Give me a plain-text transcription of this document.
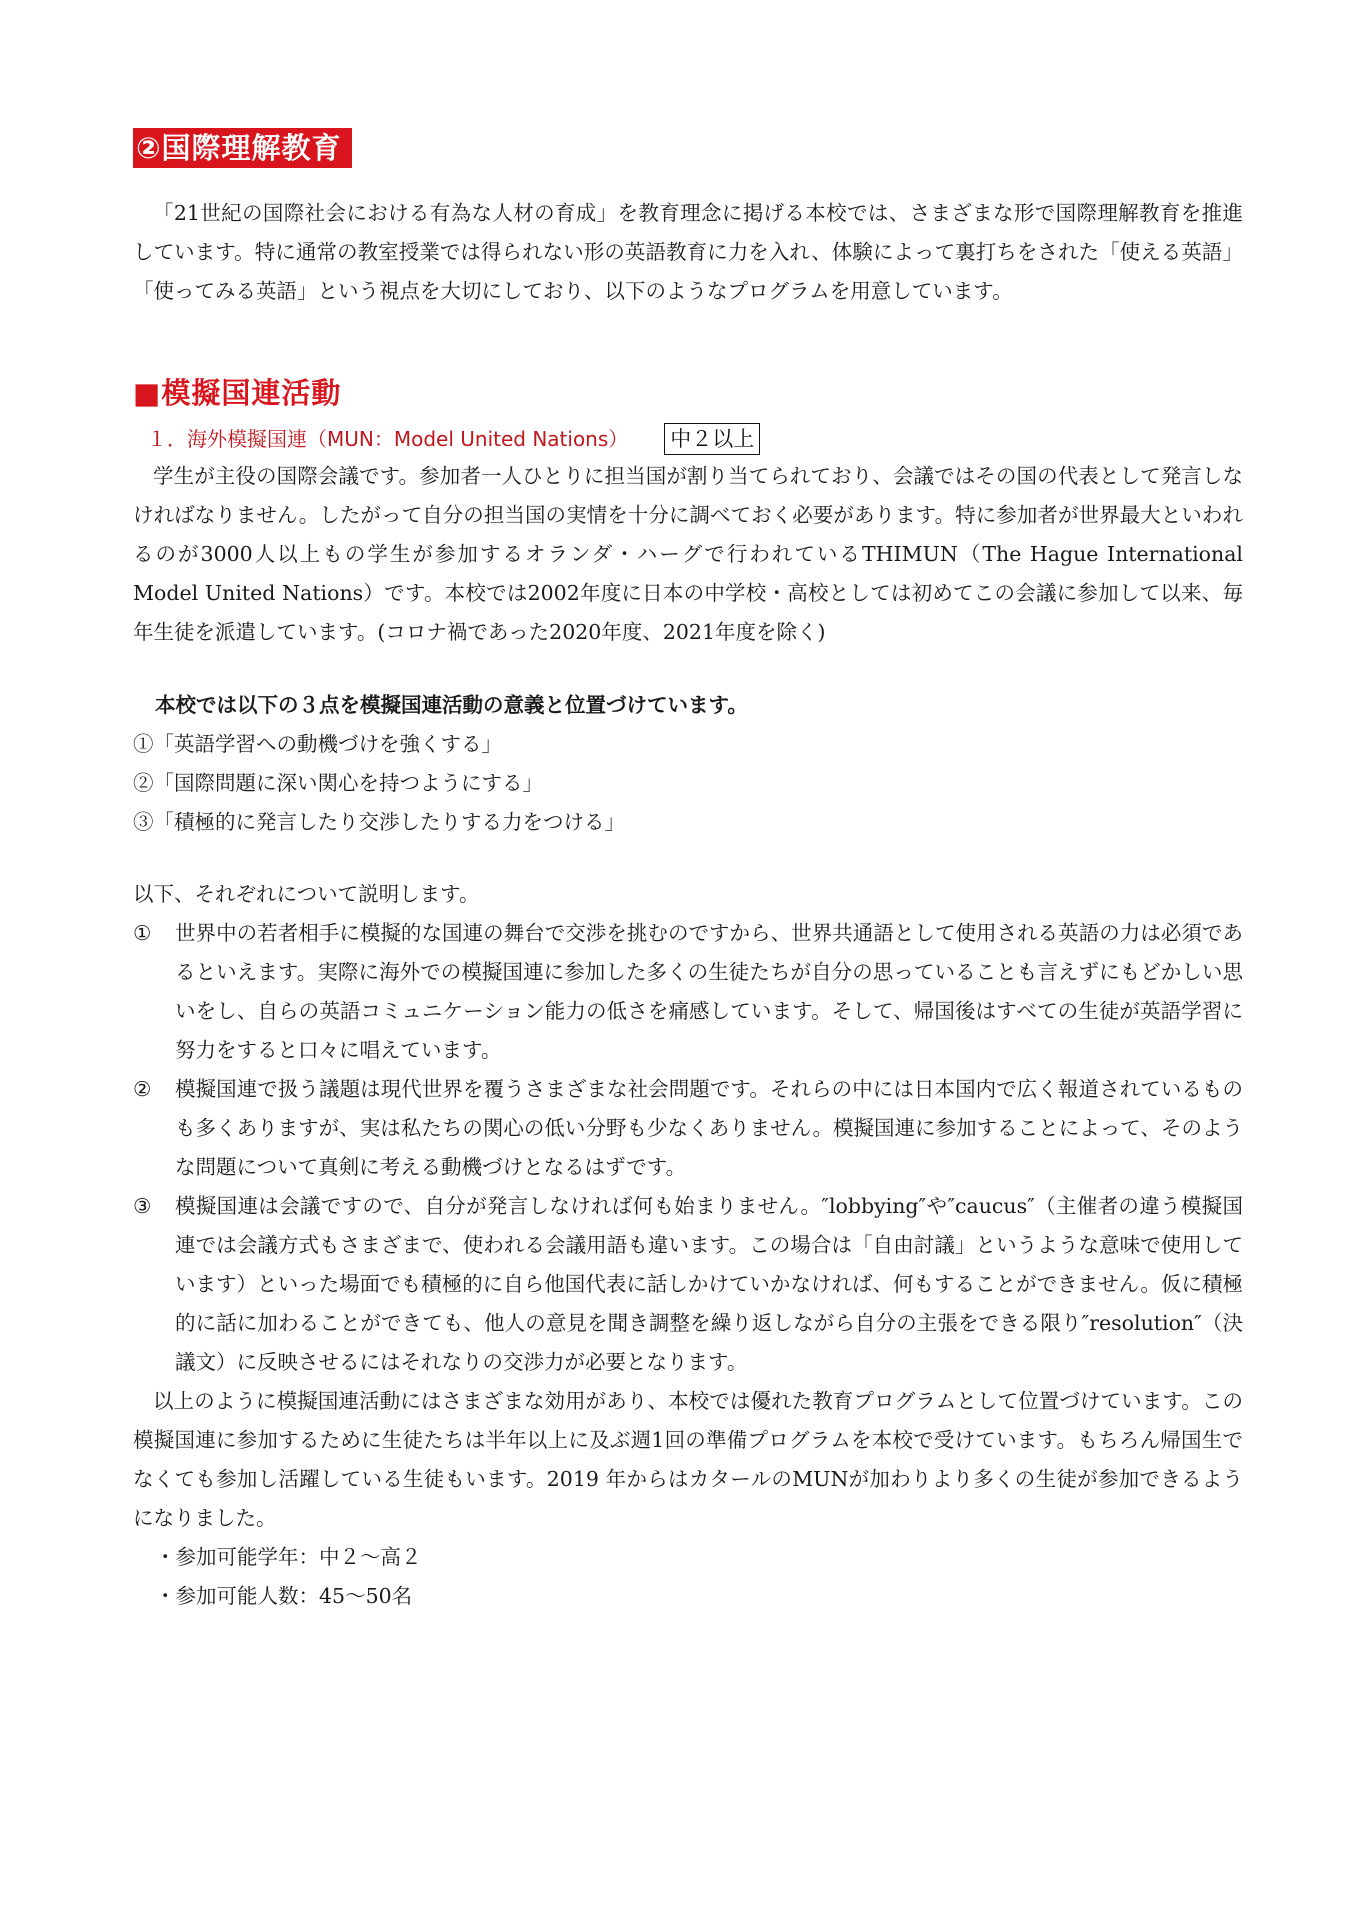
②国際理解教育

「21世紀の国際社会における有為な人材の育成」を教育理念に掲げる本校では、さまざまな形で国際理解教育を推進しています。特に通常の教室授業では得られない形の英語教育に力を入れ、体験によって裏打ちをされた「使える英語」「使ってみる英語」という視点を大切にしており、以下のようなプログラムを用意しています。

■模擬国連活動
１．海外模擬国連（MUN：Model United Nations） 中２以上

学生が主役の国際会議です。参加者一人ひとりに担当国が割り当てられており、会議ではその国の代表として発言しなければなりません。したがって自分の担当国の実情を十分に調べておく必要があります。特に参加者が世界最大といわれるのが3000人以上もの学生が参加するオランダ・ハーグで行われているTHIMUN（The Hague International Model United Nations）です。本校では2002年度に日本の中学校・高校としては初めてこの会議に参加して以来、毎年生徒を派遣しています。(コロナ禍であった2020年度、2021年度を除く)

本校では以下の３点を模擬国連活動の意義と位置づけています。

①「英語学習への動機づけを強くする」
②「国際問題に深い関心を持つようにする」
③「積極的に発言したり交渉したりする力をつける」
以下、それぞれについて説明します。
① 世界中の若者相手に模擬的な国連の舞台で交渉を挑むのですから、世界共通語として使用される英語の力は必須であるといえます。実際に海外での模擬国連に参加した多くの生徒たちが自分の思っていることも言えずにもどかしい思いをし、自らの英語コミュニケーション能力の低さを痛感しています。そして、帰国後はすべての生徒が英語学習に努力をすると口々に唱えています。
② 模擬国連で扱う議題は現代世界を覆うさまざまな社会問題です。それらの中には日本国内で広く報道されているものも多くありますが、実は私たちの関心の低い分野も少なくありません。模擬国連に参加することによって、そのような問題について真剣に考える動機づけとなるはずです。
③ 模擬国連は会議ですので、自分が発言しなければ何も始まりません。″lobbying″や″caucus″（主催者の違う模擬国連では会議方式もさまざまで、使われる会議用語も違います。この場合は「自由討議」というような意味で使用しています）といった場面でも積極的に自ら他国代表に話しかけていかなければ、何もすることができません。仮に積極的に話に加わることができても、他人の意見を聞き調整を繰り返しながら自分の主張をできる限り″resolution″（決議文）に反映させるにはそれなりの交渉力が必要となります。

以上のように模擬国連活動にはさまざまな効用があり、本校では優れた教育プログラムとして位置づけています。この模擬国連に参加するために生徒たちは半年以上に及ぶ週1回の準備プログラムを本校で受けています。もちろん帰国生でなくても参加し活躍している生徒もいます。2019 年からはカタールのMUNが加わりより多くの生徒が参加できるようになりました。

・参加可能学年：中２～高２
・参加可能人数：45～50名
